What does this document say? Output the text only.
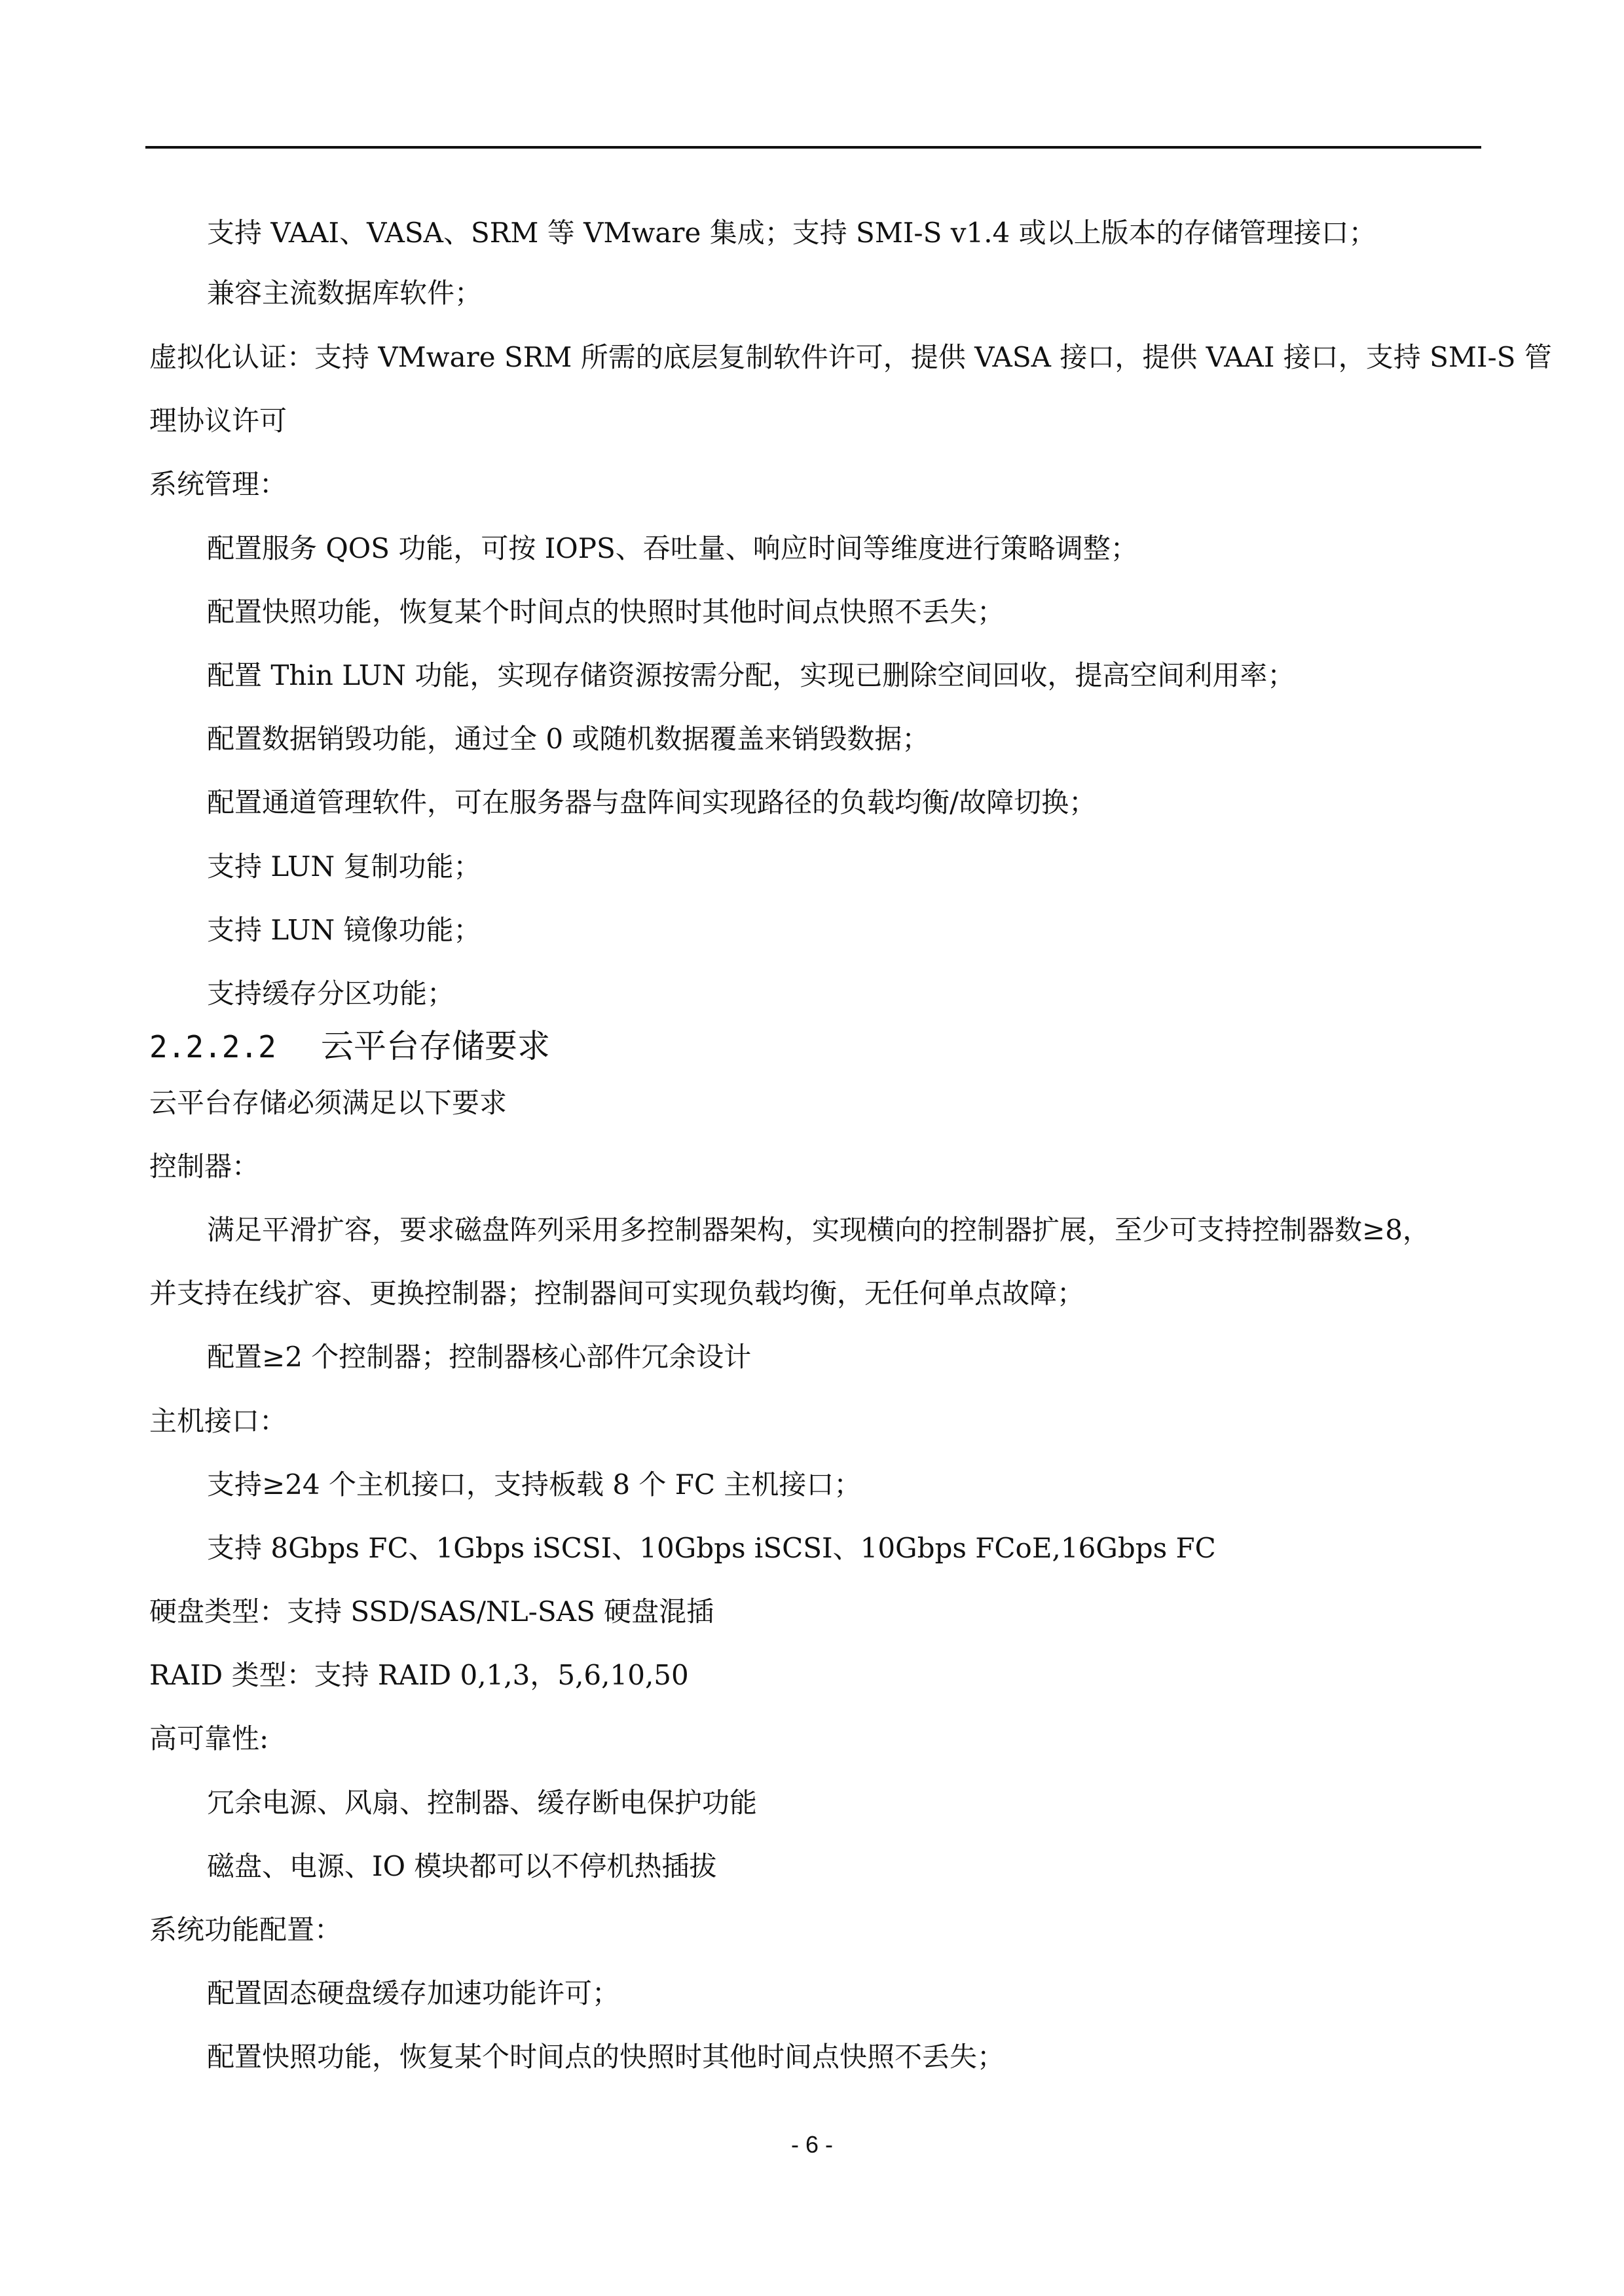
支持 VAAI、VASA、SRM 等 VMware 集成；支持 SMI-S v1.4 或以上版本的存储管理接口；
兼容主流数据库软件；
虚拟化认证：支持 VMware SRM 所需的底层复制软件许可，提供 VASA 接口，提供 VAAI 接口，支持 SMI-S 管
理协议许可
系统管理：
配置服务 QOS 功能，可按 IOPS、吞吐量、响应时间等维度进行策略调整；
配置快照功能，恢复某个时间点的快照时其他时间点快照不丢失；
配置 Thin LUN 功能，实现存储资源按需分配，实现已删除空间回收，提高空间利用率；
配置数据销毁功能，通过全 0 或随机数据覆盖来销毁数据；
配置通道管理软件，可在服务器与盘阵间实现路径的负载均衡/故障切换；
支持 LUN 复制功能；
支持 LUN 镜像功能；
支持缓存分区功能；
2.2.2.2 云平台存储要求
云平台存储必须满足以下要求
控制器：
满足平滑扩容，要求磁盘阵列采用多控制器架构，实现横向的控制器扩展，至少可支持控制器数≥8，
并支持在线扩容、更换控制器；控制器间可实现负载均衡，无任何单点故障；
配置≥2 个控制器；控制器核心部件冗余设计
主机接口：
支持≥24 个主机接口，支持板载 8 个 FC 主机接口；
支持 8Gbps FC、1Gbps iSCSI、10Gbps iSCSI、10Gbps FCoE,16Gbps FC
硬盘类型：支持 SSD/SAS/NL-SAS 硬盘混插
RAID 类型：支持 RAID 0,1,3，5,6,10,50
高可靠性:
冗余电源、风扇、控制器、缓存断电保护功能
磁盘、电源、IO 模块都可以不停机热插拔
系统功能配置：
配置固态硬盘缓存加速功能许可；
配置快照功能，恢复某个时间点的快照时其他时间点快照不丢失；
- 6 -
